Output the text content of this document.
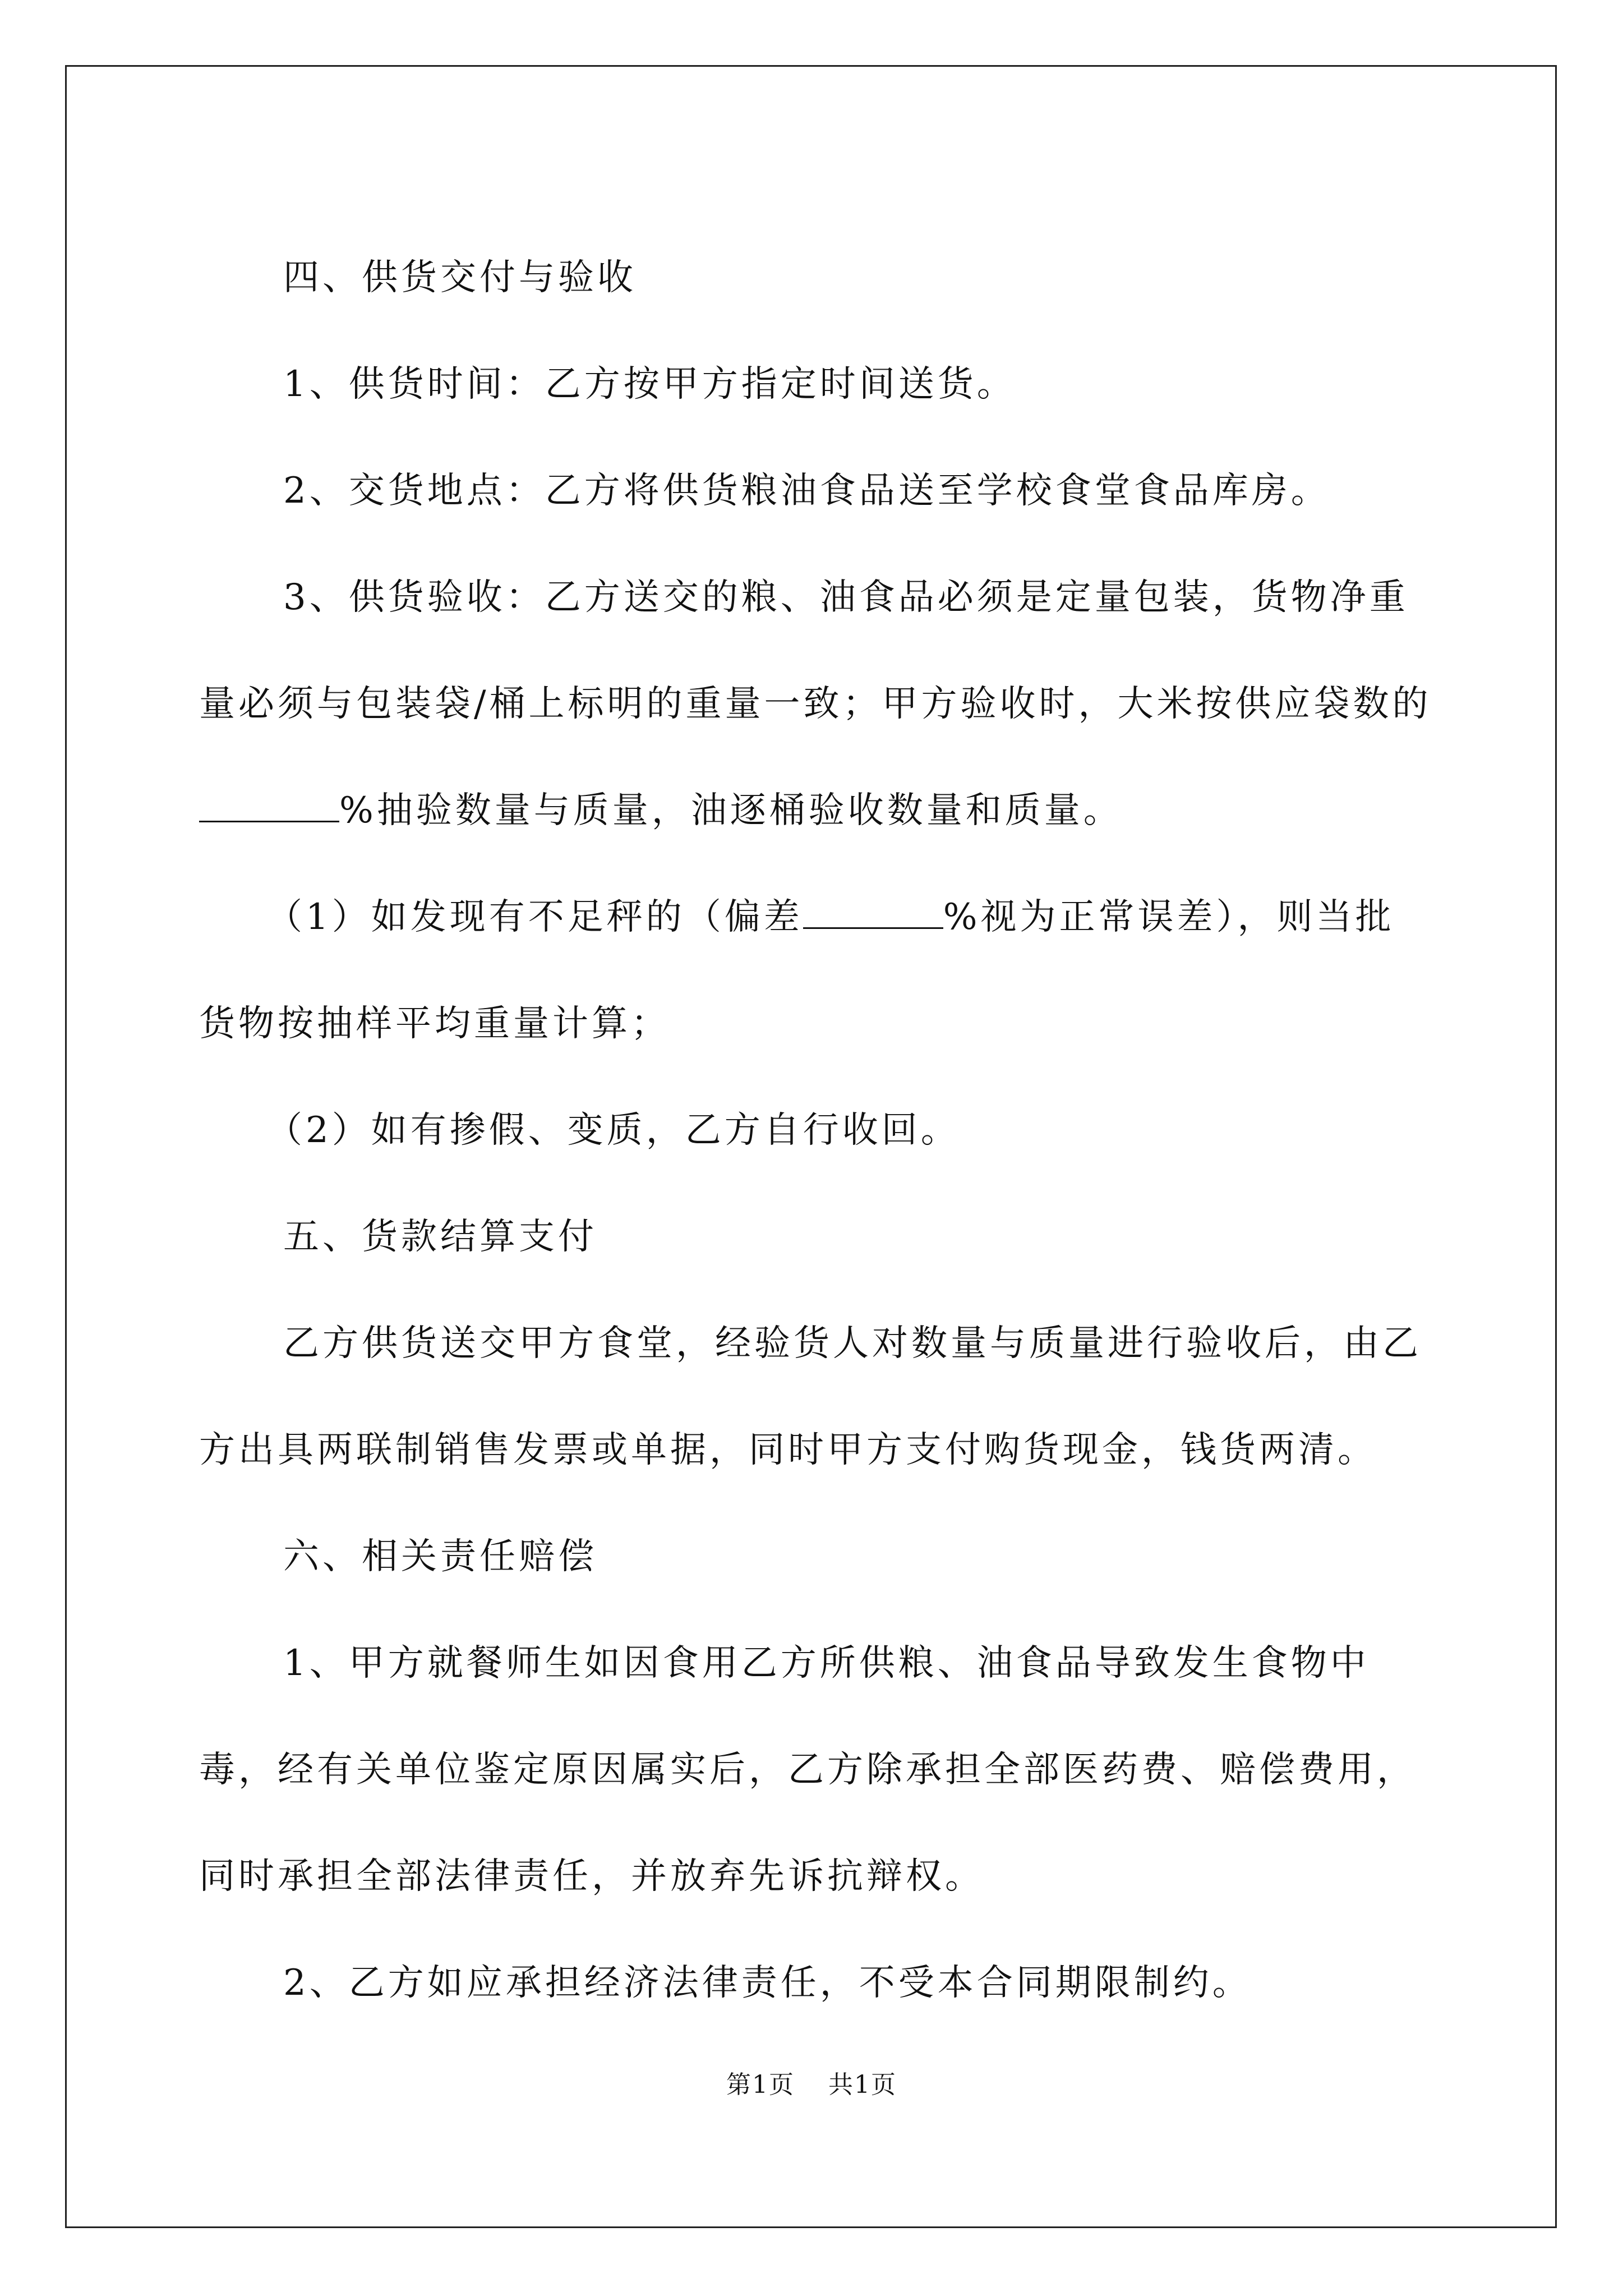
四、供货交付与验收

1、供货时间：乙方按甲方指定时间送货。

2、交货地点：乙方将供货粮油食品送至学校食堂食品库房。

3、供货验收：乙方送交的粮、油食品必须是定量包装，货物净重量必须与包装袋/桶上标明的重量一致；甲方验收时，大米按供应袋数的%抽验数量与质量，油逐桶验收数量和质量。

（1）如发现有不足秤的（偏差	%视为正常误差），则当批货物按抽样平均重量计算；

（2）如有掺假、变质，乙方自行收回。

五、货款结算支付

乙方供货送交甲方食堂，经验货人对数量与质量进行验收后，由乙方出具两联制销售发票或单据，同时甲方支付购货现金，钱货两清。

六、相关责任赔偿

1、甲方就餐师生如因食用乙方所供粮、油食品导致发生食物中毒，经有关单位鉴定原因属实后，乙方除承担全部医药费、赔偿费用，同时承担全部法律责任，并放弃先诉抗辩权。

2、乙方如应承担经济法律责任，不受本合同期限制约。

第1页 共1页
